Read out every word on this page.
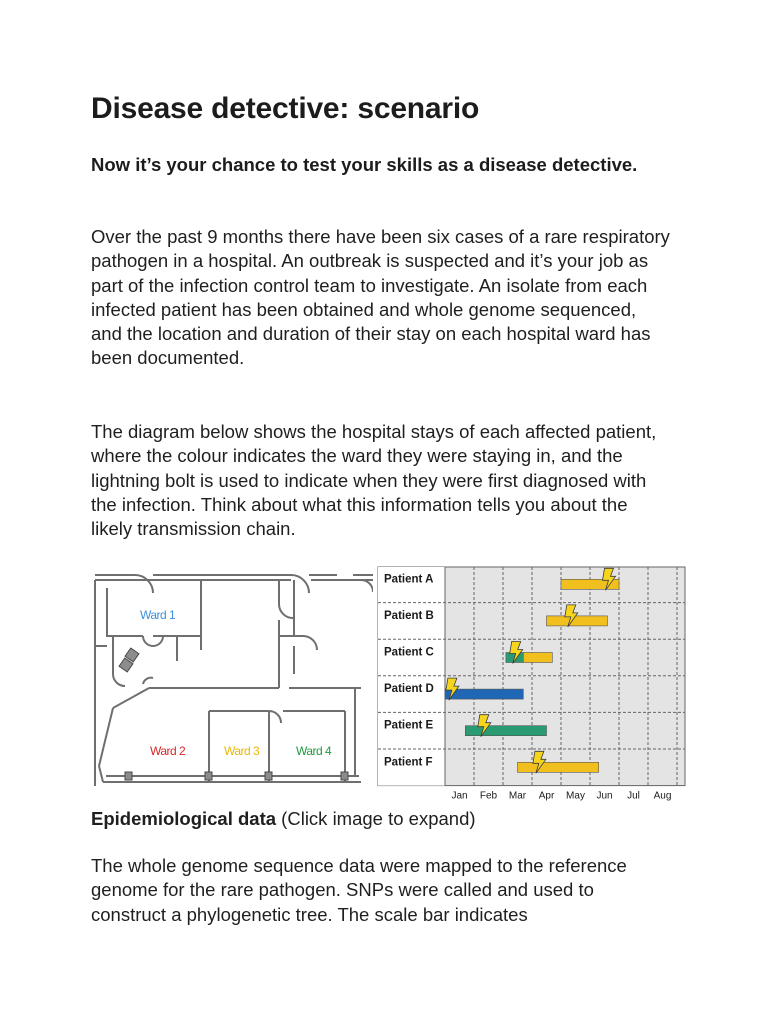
Disease detective: scenario

Now it’s your chance to test your skills as a disease detective.

Over the past 9 months there have been six cases of a rare respiratory pathogen in a hospital. An outbreak is suspected and it’s your job as part of the infection control team to investigate. An isolate from each infected patient has been obtained and whole genome sequenced, and the location and duration of their stay on each hospital ward has been documented.

The diagram below shows the hospital stays of each affected patient, where the colour indicates the ward they were staying in, and the lightning bolt is used to indicate when they were first diagnosed with the infection. Think about what this information tells you about the likely transmission chain.

Epidemiological data (Click image to expand)

The whole genome sequence data were mapped to the reference genome for the rare pathogen. SNPs were called and used to construct a phylogenetic tree. The scale bar indicates

Ward 1
Ward 2	Ward 3	Ward 4
Patient A
Patient B
Patient C
Patient D
Patient E
Patient F
Jan Feb Mar Apr May Jun Jul Aug
